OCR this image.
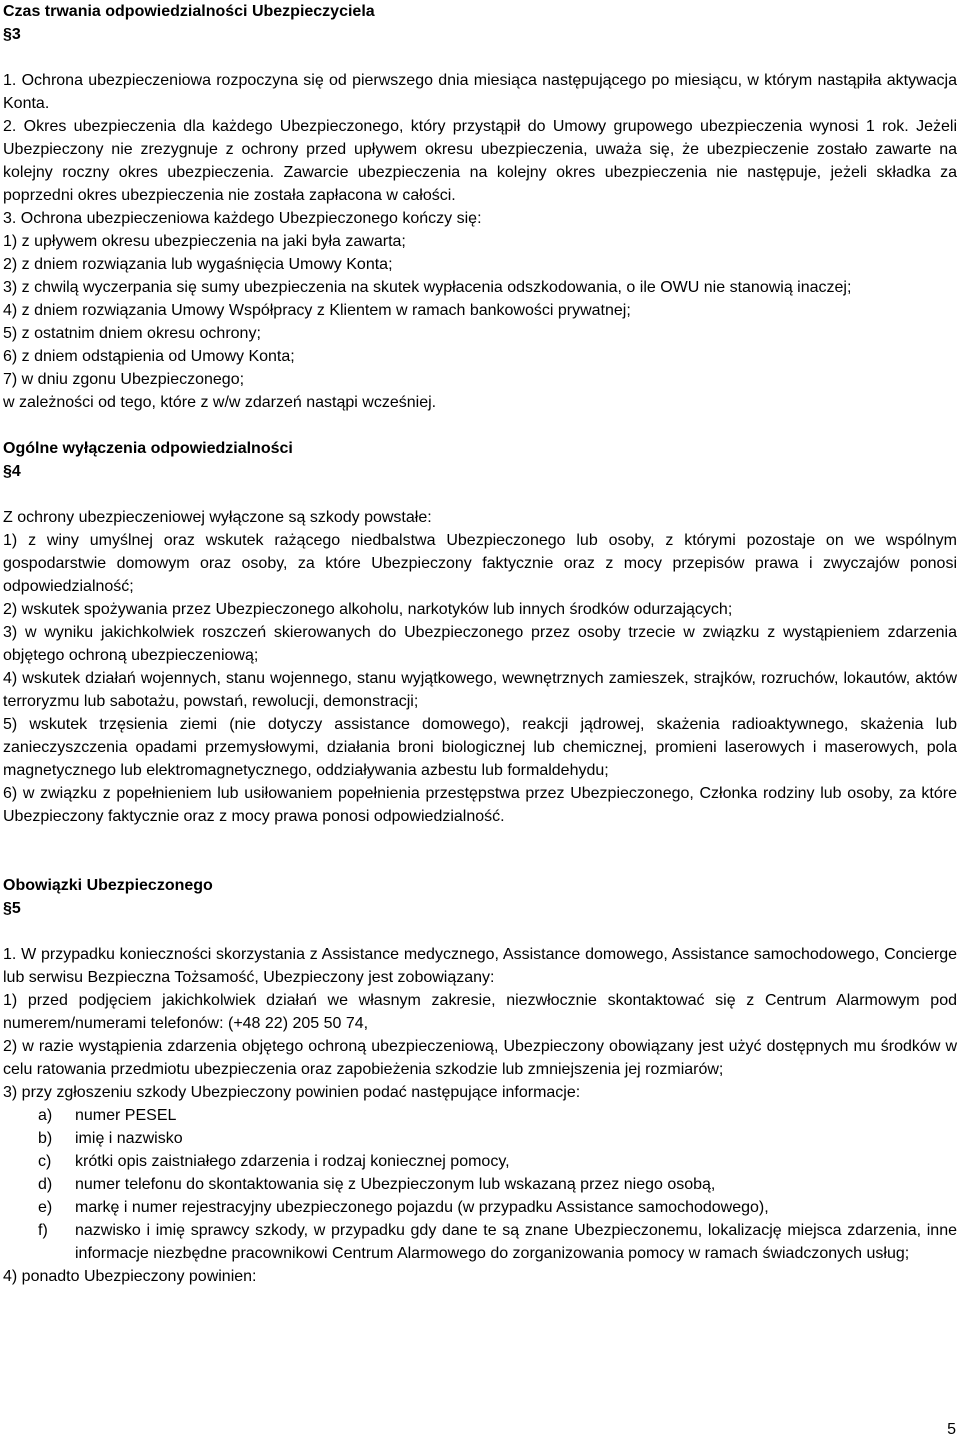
Czas trwania odpowiedzialności Ubezpieczyciela
§3

1. Ochrona ubezpieczeniowa rozpoczyna się od pierwszego dnia miesiąca następującego po miesiącu, w którym nastąpiła aktywacja Konta.

2. Okres ubezpieczenia dla każdego Ubezpieczonego, który przystąpił do Umowy grupowego ubezpieczenia wynosi 1 rok. Jeżeli Ubezpieczony nie zrezygnuje z ochrony przed upływem okresu ubezpieczenia, uważa się, że ubezpieczenie zostało zawarte na kolejny roczny okres ubezpieczenia. Zawarcie ubezpieczenia na kolejny okres ubezpieczenia nie następuje, jeżeli składka za poprzedni okres ubezpieczenia nie została zapłacona w całości.

3. Ochrona ubezpieczeniowa każdego Ubezpieczonego kończy się:

1) z upływem okresu ubezpieczenia na jaki była zawarta;

2) z dniem rozwiązania lub wygaśnięcia Umowy Konta;

3) z chwilą wyczerpania się sumy ubezpieczenia na skutek wypłacenia odszkodowania, o ile OWU nie stanowią inaczej;

4) z dniem rozwiązania Umowy Współpracy z Klientem w ramach bankowości prywatnej;

5) z ostatnim dniem okresu ochrony;

6) z dniem odstąpienia od Umowy Konta;

7) w dniu zgonu Ubezpieczonego;

w zależności od tego, które z w/w zdarzeń nastąpi wcześniej.

Ogólne wyłączenia odpowiedzialności
§4

Z ochrony ubezpieczeniowej wyłączone są szkody powstałe:

1) z winy umyślnej oraz wskutek rażącego niedbalstwa Ubezpieczonego lub osoby, z którymi pozostaje on we wspólnym gospodarstwie domowym oraz osoby, za które Ubezpieczony faktycznie oraz z mocy przepisów prawa i zwyczajów ponosi odpowiedzialność;

2) wskutek spożywania przez Ubezpieczonego alkoholu, narkotyków lub innych środków odurzających;

3) w wyniku jakichkolwiek roszczeń skierowanych do Ubezpieczonego przez osoby trzecie w związku z wystąpieniem zdarzenia objętego ochroną ubezpieczeniową;

4) wskutek działań wojennych, stanu wojennego, stanu wyjątkowego, wewnętrznych zamieszek, strajków, rozruchów, lokautów, aktów terroryzmu lub sabotażu, powstań, rewolucji, demonstracji;

5) wskutek trzęsienia ziemi (nie dotyczy assistance domowego), reakcji jądrowej, skażenia radioaktywnego, skażenia lub zanieczyszczenia opadami przemysłowymi, działania broni biologicznej lub chemicznej, promieni laserowych i maserowych, pola magnetycznego lub elektromagnetycznego, oddziaływania azbestu lub formaldehydu;

6) w związku z popełnieniem lub usiłowaniem popełnienia przestępstwa przez Ubezpieczonego, Członka rodziny lub osoby, za które Ubezpieczony faktycznie oraz z mocy prawa ponosi odpowiedzialność.

Obowiązki Ubezpieczonego
§5

1. W przypadku konieczności skorzystania z Assistance medycznego, Assistance domowego, Assistance samochodowego, Concierge lub serwisu Bezpieczna Tożsamość, Ubezpieczony jest zobowiązany:

1) przed podjęciem jakichkolwiek działań we własnym zakresie, niezwłocznie skontaktować się z Centrum Alarmowym pod numerem/numerami telefonów: (+48 22) 205 50 74,

2) w razie wystąpienia zdarzenia objętego ochroną ubezpieczeniową, Ubezpieczony obowiązany jest użyć dostępnych mu środków w celu ratowania przedmiotu ubezpieczenia oraz zapobieżenia szkodzie lub zmniejszenia jej rozmiarów;

3) przy zgłoszeniu szkody Ubezpieczony powinien podać następujące informacje:

a)	numer PESEL
b)	imię i nazwisko
c)	krótki opis zaistniałego zdarzenia i rodzaj koniecznej pomocy,
d)	numer telefonu do skontaktowania się z Ubezpieczonym lub wskazaną przez niego osobą,
e)	markę i numer rejestracyjny ubezpieczonego pojazdu (w przypadku Assistance samochodowego),
f)	nazwisko i imię sprawcy szkody, w przypadku gdy dane te są znane Ubezpieczonemu, lokalizację miejsca zdarzenia, inne informacje niezbędne pracownikowi Centrum Alarmowego do zorganizowania pomocy w ramach świadczonych usług;

4) ponadto Ubezpieczony powinien:

5
